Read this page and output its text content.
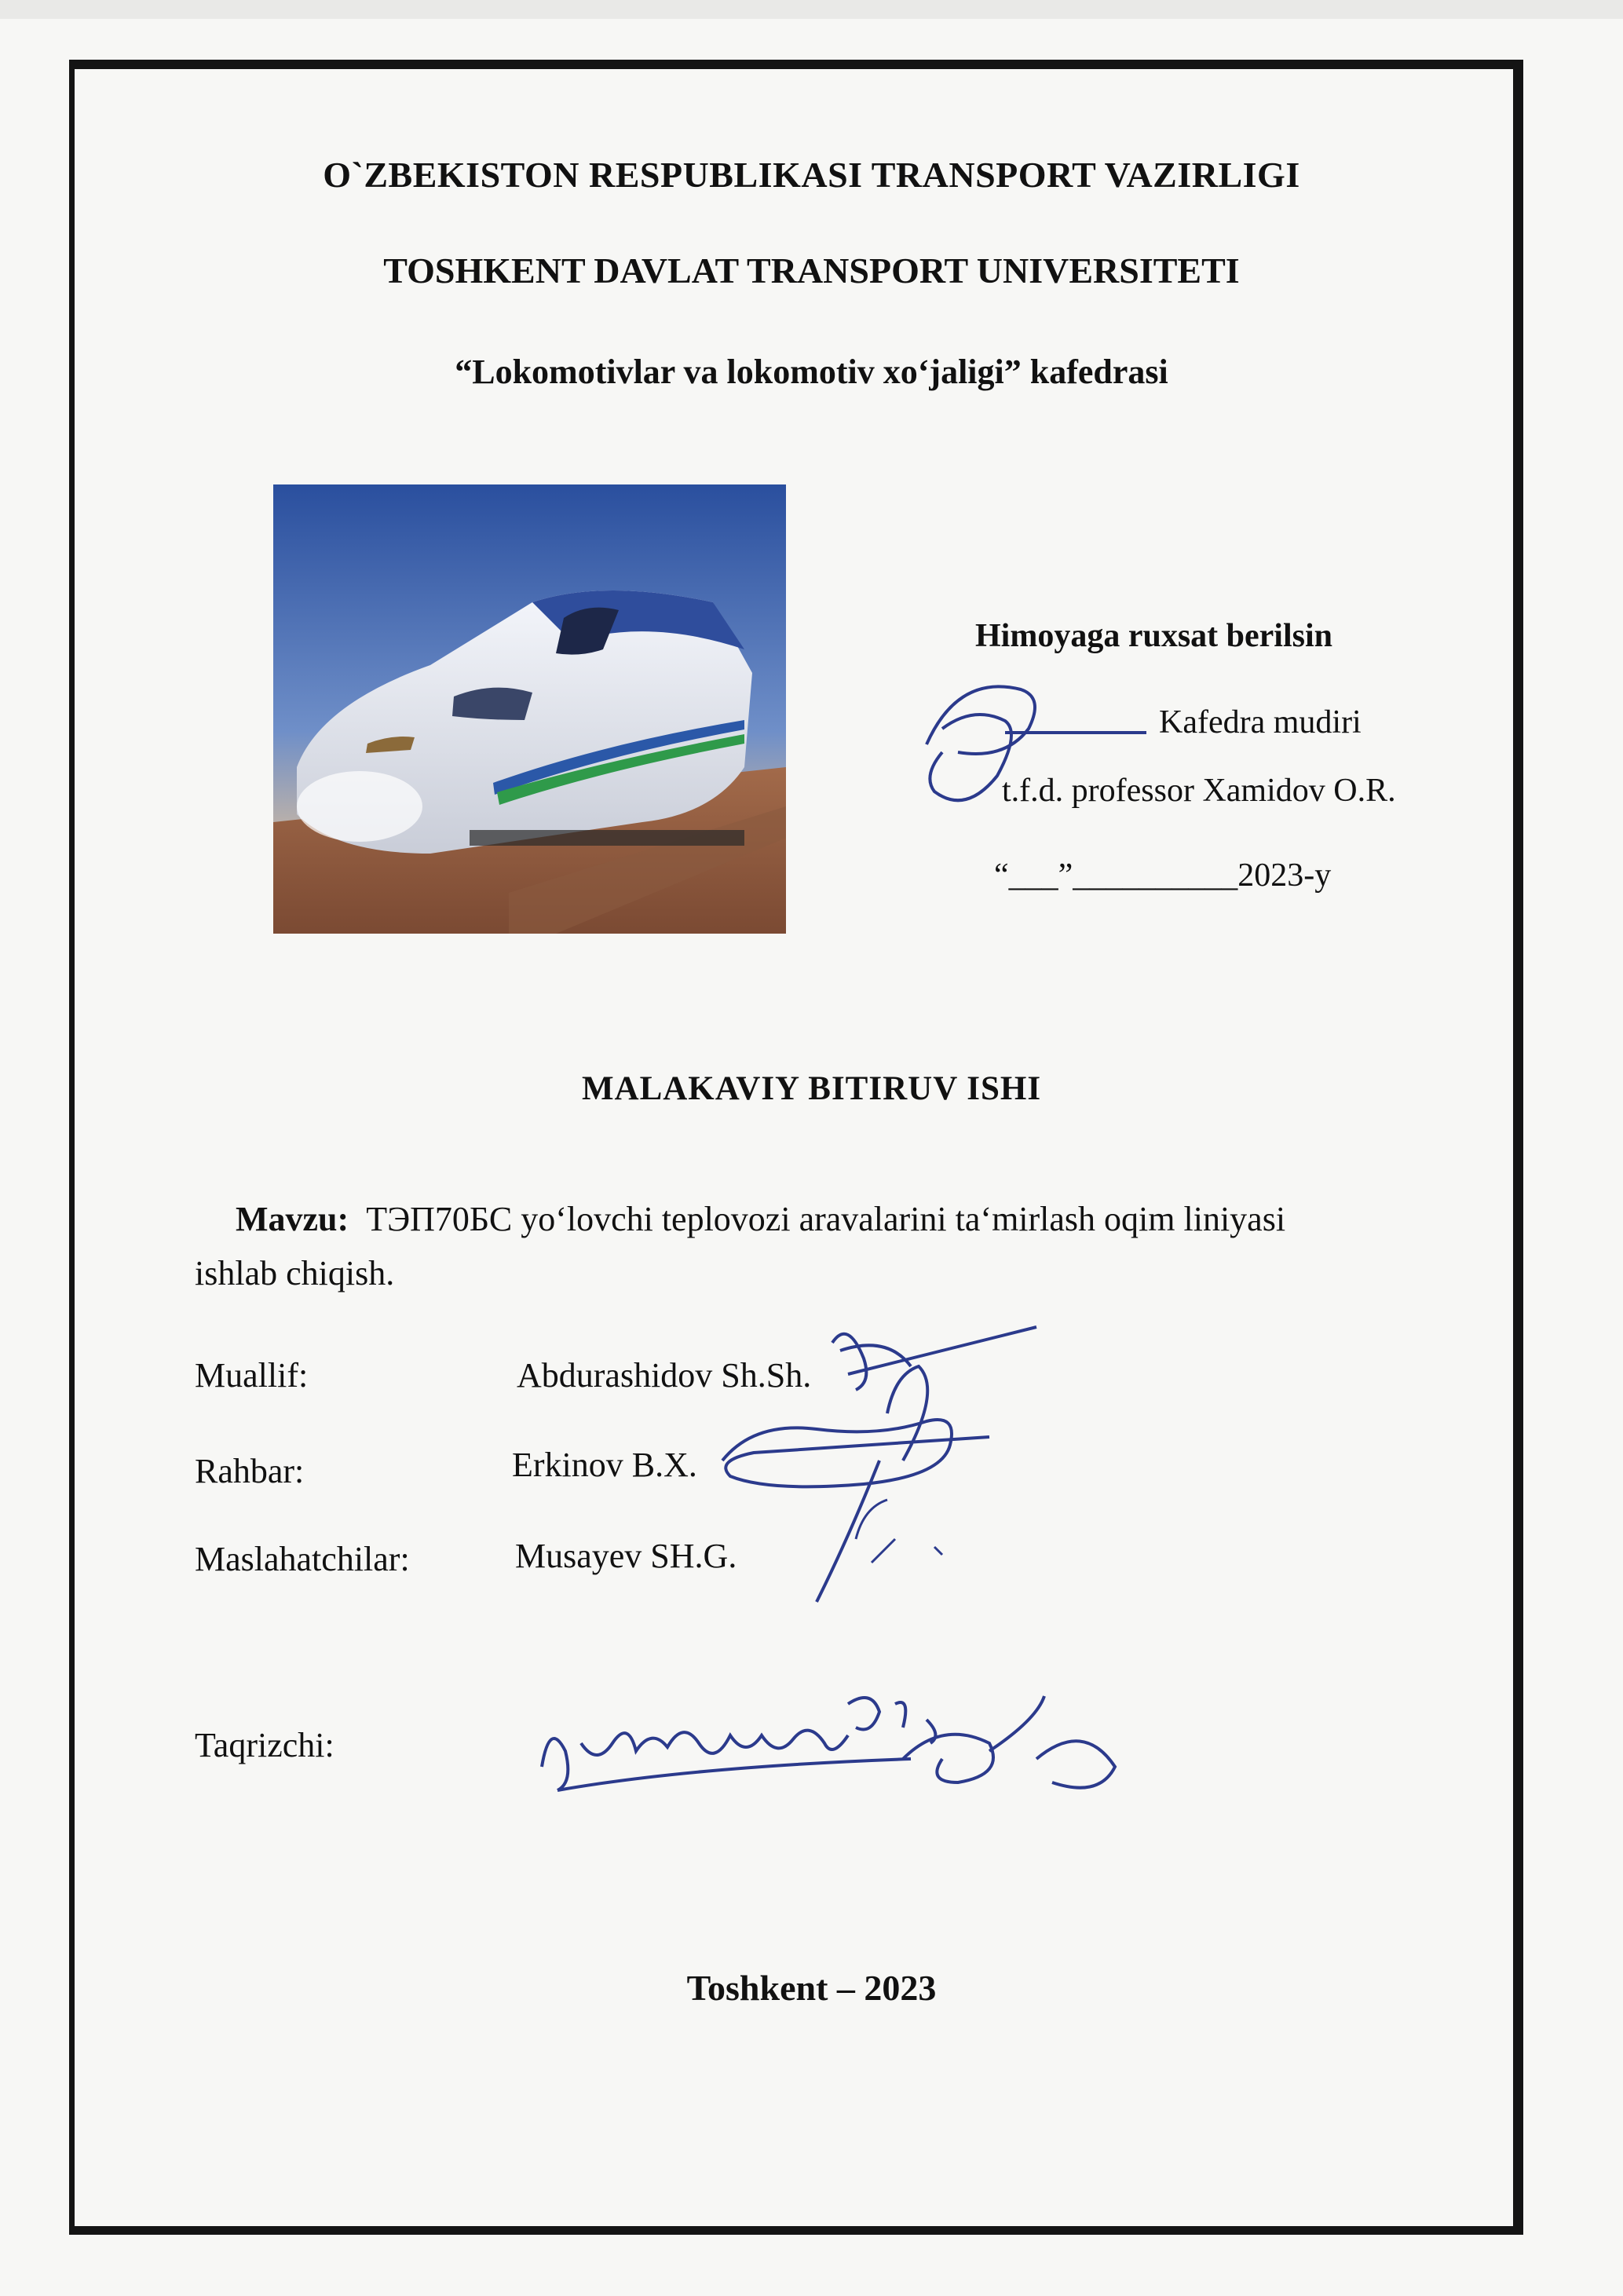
O`ZBEKISTON RESPUBLIKASI TRANSPORT VAZIRLIGI
TOSHKENT DAVLAT TRANSPORT UNIVERSITETI
“Lokomotivlar va lokomotiv xo‘jaligi” kafedrasi
Himoyaga ruxsat berilsin
Kafedra mudiri
t.f.d. professor Xamidov O.R.
“___”__________2023-y
MALAKAVIY BITIRUV ISHI
Mavzu: ТЭП70БС yo‘lovchi teplovozi aravalarini ta‘mirlash oqim liniyasi
ishlab chiqish.
Muallif:	Abdurashidov Sh.Sh.
Rahbar:	Erkinov B.X.
Maslahatchilar:	Musayev SH.G.
Taqrizchi:
Toshkent – 2023
